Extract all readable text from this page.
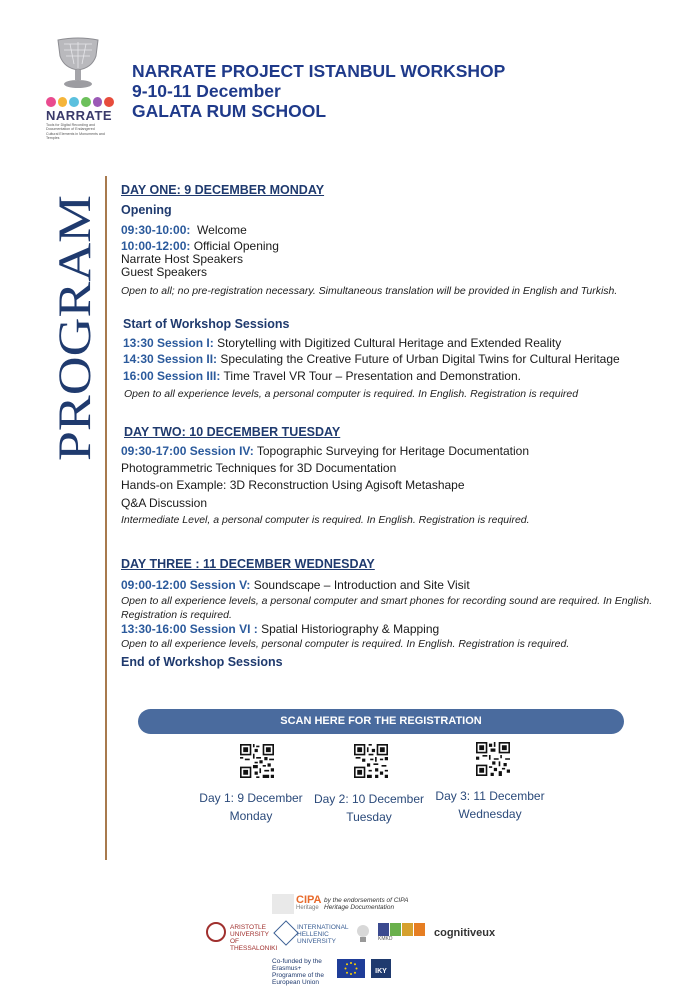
NARRATE
Tools for Digital Recording and Documentation of Endangered Cultural Elements in Monuments and Temples
NARRATE PROJECT ISTANBUL WORKSHOP
9-10-11 December
GALATA RUM SCHOOL
PROGRAM
DAY ONE: 9 DECEMBER MONDAY
Opening
09:30-10:00: Welcome
10:00-12:00: Official Opening
Narrate Host Speakers
Guest Speakers
Open to all; no pre-registration necessary. Simultaneous translation will be provided in English and Turkish.
Start of Workshop Sessions
13:30 Session I: Storytelling with Digitized Cultural Heritage and Extended Reality
14:30 Session II: Speculating the Creative Future of Urban Digital Twins for Cultural Heritage
16:00 Session III: Time Travel VR Tour – Presentation and Demonstration.
Open to all experience levels, a personal computer is required. In English. Registration is required
DAY TWO: 10 DECEMBER TUESDAY
09:30-17:00 Session IV: Topographic Surveying for Heritage Documentation
Photogrammetric Techniques for 3D Documentation
Hands-on Example: 3D Reconstruction Using Agisoft Metashape
Q&A Discussion
Intermediate Level, a personal computer is required. In English. Registration is required.
DAY THREE : 11 DECEMBER WEDNESDAY
09:00-12:00 Session V: Soundscape – Introduction and Site Visit
Open to all experience levels, a personal computer and smart phones for recording sound are required. In English. Registration is required.
13:30-16:00 Session VI : Spatial Historiography & Mapping
Open to all experience levels, personal computer is required. In English. Registration is required.
End of Workshop Sessions
SCAN HERE FOR THE REGISTRATION
Day 1: 9 December
Monday
Day 2: 10 December
Tuesday
Day 3: 11 December
Wednesday
CIPA
Heritage
by the endorsements of CIPA Heritage Documentation
ARISTOTLE UNIVERSITY OF THESSALONIKI
INTERNATIONAL HELLENIC UNIVERSITY	KMKD	cognitiveux
Co-funded by the Erasmus+ Programme of the European Union
IKY
